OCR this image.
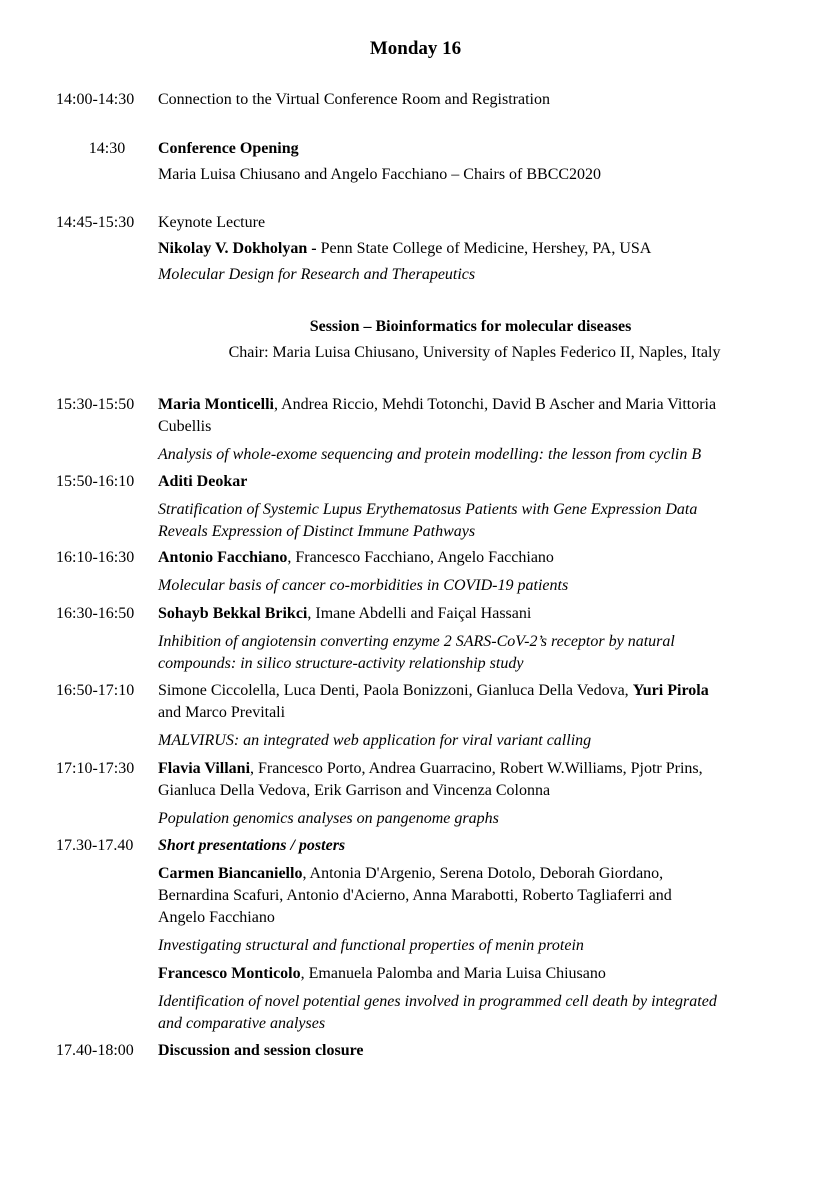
Monday 16
14:00-14:30	Connection to the Virtual Conference Room and Registration
14:30	Conference Opening
Maria Luisa Chiusano and Angelo Facchiano – Chairs of BBCC2020
14:45-15:30	Keynote Lecture
Nikolay V. Dokholyan - Penn State College of Medicine, Hershey, PA, USA
Molecular Design for Research and Therapeutics
Session – Bioinformatics for molecular diseases
Chair: Maria Luisa Chiusano, University of Naples Federico II, Naples, Italy
15:30-15:50	Maria Monticelli, Andrea Riccio, Mehdi Totonchi, David B Ascher and Maria Vittoria
Cubellis
Analysis of whole-exome sequencing and protein modelling: the lesson from cyclin B
15:50-16:10	Aditi Deokar
Stratification of Systemic Lupus Erythematosus Patients with Gene Expression Data
Reveals Expression of Distinct Immune Pathways
16:10-16:30	Antonio Facchiano, Francesco Facchiano, Angelo Facchiano
Molecular basis of cancer co-morbidities in COVID-19 patients
16:30-16:50	Sohayb Bekkal Brikci, Imane Abdelli and Faiçal Hassani
Inhibition of angiotensin converting enzyme 2 SARS-CoV-2’s receptor by natural
compounds: in silico structure-activity relationship study
16:50-17:10	Simone Ciccolella, Luca Denti, Paola Bonizzoni, Gianluca Della Vedova, Yuri Pirola
and Marco Previtali
MALVIRUS: an integrated web application for viral variant calling
17:10-17:30	Flavia Villani, Francesco Porto, Andrea Guarracino, Robert W.Williams, Pjotr Prins,
Gianluca Della Vedova, Erik Garrison and Vincenza Colonna
Population genomics analyses on pangenome graphs
17.30-17.40	Short presentations / posters
Carmen Biancaniello, Antonia D'Argenio, Serena Dotolo, Deborah Giordano,
Bernardina Scafuri, Antonio d'Acierno, Anna Marabotti, Roberto Tagliaferri and
Angelo Facchiano
Investigating structural and functional properties of menin protein
Francesco Monticolo, Emanuela Palomba and Maria Luisa Chiusano
Identification of novel potential genes involved in programmed cell death by integrated
and comparative analyses
17.40-18:00	Discussion and session closure
